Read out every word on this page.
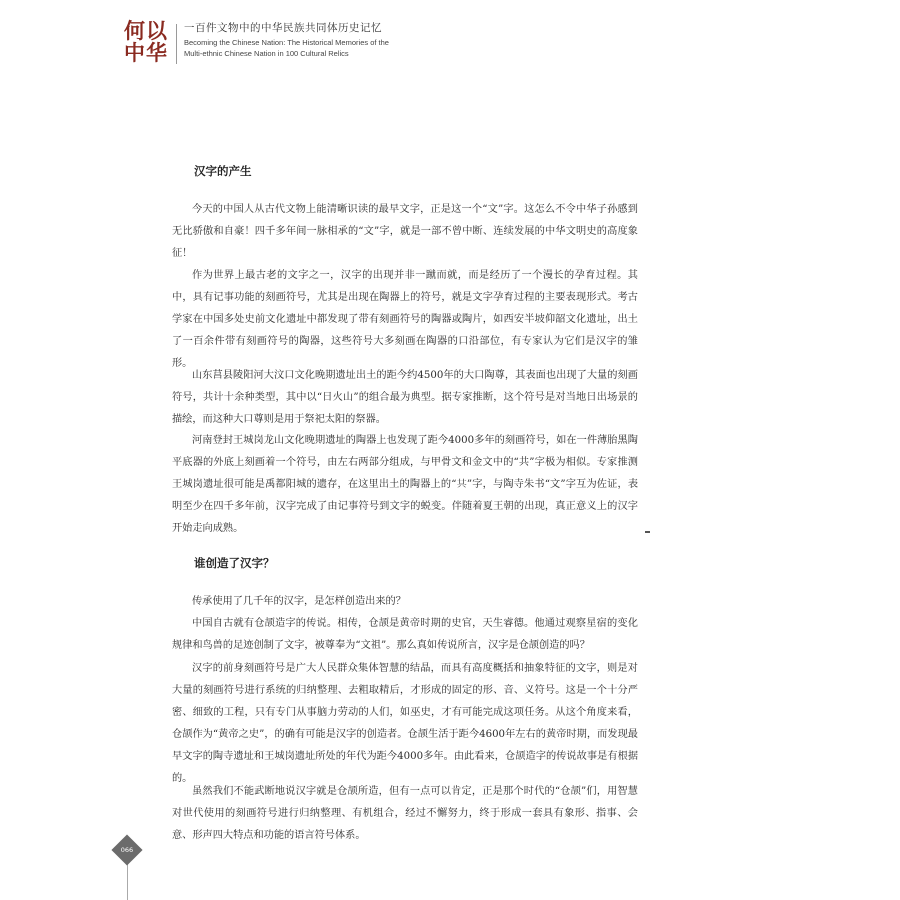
何以
中华
一百件文物中的中华民族共同体历史记忆
Becoming the Chinese Nation: The Historical Memories of the
Multi-ethnic Chinese Nation in 100 Cultural Relics
汉字的产生

今天的中国人从古代文物上能清晰识读的最早文字，正是这一个“文”字。这怎么不令中华子孙感到无比骄傲和自豪！四千多年间一脉相承的“文”字，就是一部不曾中断、连续发展的中华文明史的高度象征！

作为世界上最古老的文字之一，汉字的出现并非一蹴而就，而是经历了一个漫长的孕育过程。其中，具有记事功能的刻画符号，尤其是出现在陶器上的符号，就是文字孕育过程的主要表现形式。考古学家在中国多处史前文化遗址中都发现了带有刻画符号的陶器或陶片，如西安半坡仰韶文化遗址，出土了一百余件带有刻画符号的陶器，这些符号大多刻画在陶器的口沿部位，有专家认为它们是汉字的雏形。

山东莒县陵阳河大汶口文化晚期遗址出土的距今约4500年的大口陶尊，其表面也出现了大量的刻画符号，共计十余种类型，其中以“日火山”的组合最为典型。据专家推断，这个符号是对当地日出场景的描绘，而这种大口尊则是用于祭祀太阳的祭器。

河南登封王城岗龙山文化晚期遗址的陶器上也发现了距今4000多年的刻画符号，如在一件薄胎黑陶平底器的外底上刻画着一个符号，由左右两部分组成，与甲骨文和金文中的“共”字极为相似。专家推测王城岗遗址很可能是禹都阳城的遗存，在这里出土的陶器上的“𠔏”字，与陶寺朱书“文”字互为佐证，表明至少在四千多年前，汉字完成了由记事符号到文字的蜕变。伴随着夏王朝的出现，真正意义上的汉字开始走向成熟。

谁创造了汉字？

传承使用了几千年的汉字，是怎样创造出来的？

中国自古就有仓颉造字的传说。相传，仓颉是黄帝时期的史官，天生睿德。他通过观察星宿的变化规律和鸟兽的足迹创制了文字，被尊奉为“文祖”。那么真如传说所言，汉字是仓颉创造的吗？

汉字的前身刻画符号是广大人民群众集体智慧的结晶，而具有高度概括和抽象特征的文字，则是对大量的刻画符号进行系统的归纳整理、去粗取精后，才形成的固定的形、音、义符号。这是一个十分严密、细致的工程，只有专门从事脑力劳动的人们，如巫史，才有可能完成这项任务。从这个角度来看，仓颉作为“黄帝之史”，的确有可能是汉字的创造者。仓颉生活于距今4600年左右的黄帝时期，而发现最早文字的陶寺遗址和王城岗遗址所处的年代为距今4000多年。由此看来，仓颉造字的传说故事是有根据的。

虽然我们不能武断地说汉字就是仓颉所造，但有一点可以肯定，正是那个时代的“仓颉”们，用智慧对世代使用的刻画符号进行归纳整理、有机组合，经过不懈努力，终于形成一套具有象形、指事、会意、形声四大特点和功能的语言符号体系。

066
